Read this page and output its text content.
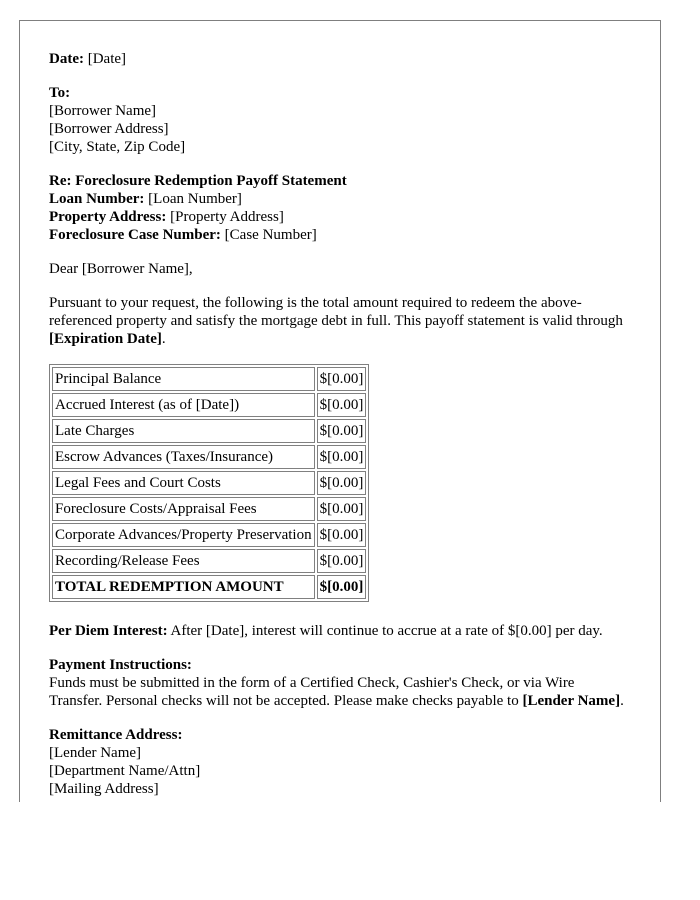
Date: [Date]

To:
[Borrower Name]
[Borrower Address]
[City, State, Zip Code]

Re: Foreclosure Redemption Payoff Statement
Loan Number: [Loan Number]
Property Address: [Property Address]
Foreclosure Case Number: [Case Number]

Dear [Borrower Name],

Pursuant to your request, the following is the total amount required to redeem the above-referenced property and satisfy the mortgage debt in full. This payoff statement is valid through [Expiration Date].

Principal Balance	$[0.00]
Accrued Interest (as of [Date])	$[0.00]
Late Charges	$[0.00]
Escrow Advances (Taxes/Insurance)	$[0.00]
Legal Fees and Court Costs	$[0.00]
Foreclosure Costs/Appraisal Fees	$[0.00]
Corporate Advances/Property Preservation	$[0.00]
Recording/Release Fees	$[0.00]
TOTAL REDEMPTION AMOUNT	$[0.00]

Per Diem Interest: After [Date], interest will continue to accrue at a rate of $[0.00] per day.

Payment Instructions:
Funds must be submitted in the form of a Certified Check, Cashier's Check, or via Wire Transfer. Personal checks will not be accepted. Please make checks payable to [Lender Name].

Remittance Address:
[Lender Name]
[Department Name/Attn]
[Mailing Address]
